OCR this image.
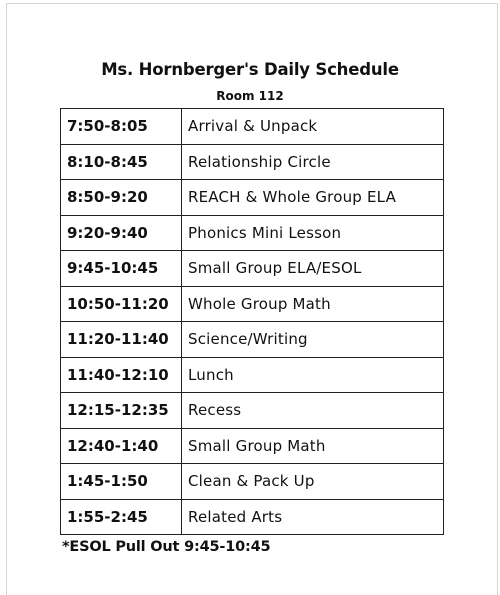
Ms. Hornberger's Daily Schedule
Room 112
7:50-8:05	Arrival & Unpack
8:10-8:45	Relationship Circle
8:50-9:20	REACH & Whole Group ELA
9:20-9:40	Phonics Mini Lesson
9:45-10:45	Small Group ELA/ESOL
10:50-11:20	Whole Group Math
11:20-11:40	Science/Writing
11:40-12:10	Lunch
12:15-12:35	Recess
12:40-1:40	Small Group Math
1:45-1:50	Clean & Pack Up
1:55-2:45	Related Arts
*ESOL Pull Out 9:45-10:45
